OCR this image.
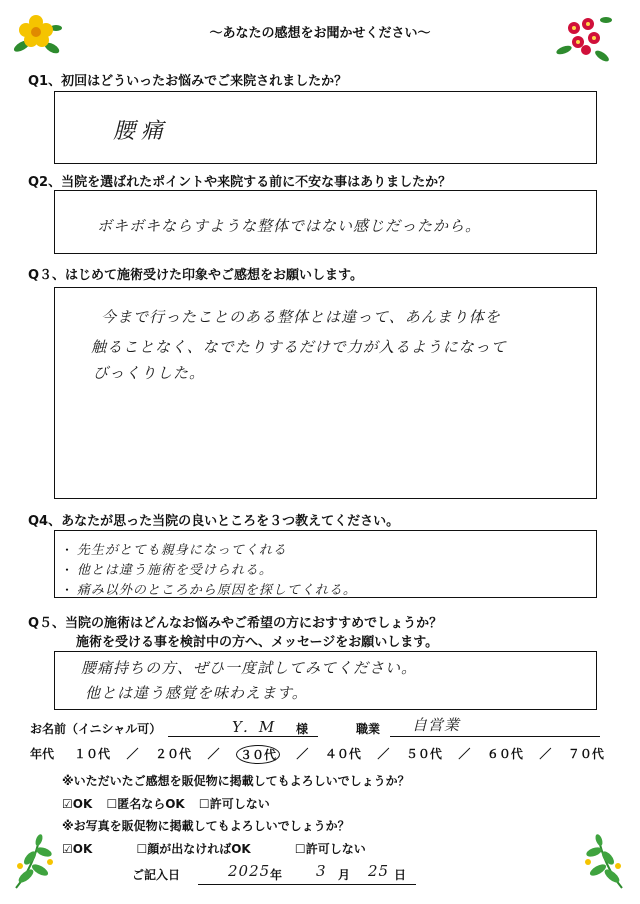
〜あなたの感想をお聞かせください〜
Q1、初回はどういったお悩みでご来院されましたか？
腰痛
Q2、当院を選ばれたポイントや来院する前に不安な事はありましたか？
ボキボキならすような整体ではない感じだったから。
Q３、はじめて施術受けた印象やご感想をお願いします。
今まで行ったことのある整体とは違って、あんまり体を
触ることなく、なでたりするだけで力が入るようになって
びっくりした。
Q4、あなたが思った当院の良いところを３つ教えてください。
・ 先生がとても親身になってくれる
・ 他とは違う施術を受けられる。
・ 痛み以外のところから原因を探してくれる。
Q５、当院の施術はどんなお悩みやご希望の方におすすめでしょうか？
施術を受ける事を検討中の方へ、メッセージをお願いします。
腰痛持ちの方、ぜひ一度試してみてください。
他とは違う感覚を味わえます。
お名前（イニシャル可）	Y．M 様	職業 自営業
年代 １０代 ／ ２０代 ／	３０代	／ ４０代 ／ ５０代 ／ ６０代 ／ ７０代
※いただいたご感想を販促物に掲載してもよろしいでしょうか？
☑OK ☐匿名ならOK ☐許可しない
※お写真を販促物に掲載してもよろしいでしょうか？
☑OK	☐顔が出なければOK	☐許可しない
ご記入日	2025 年 3 月 25 日
